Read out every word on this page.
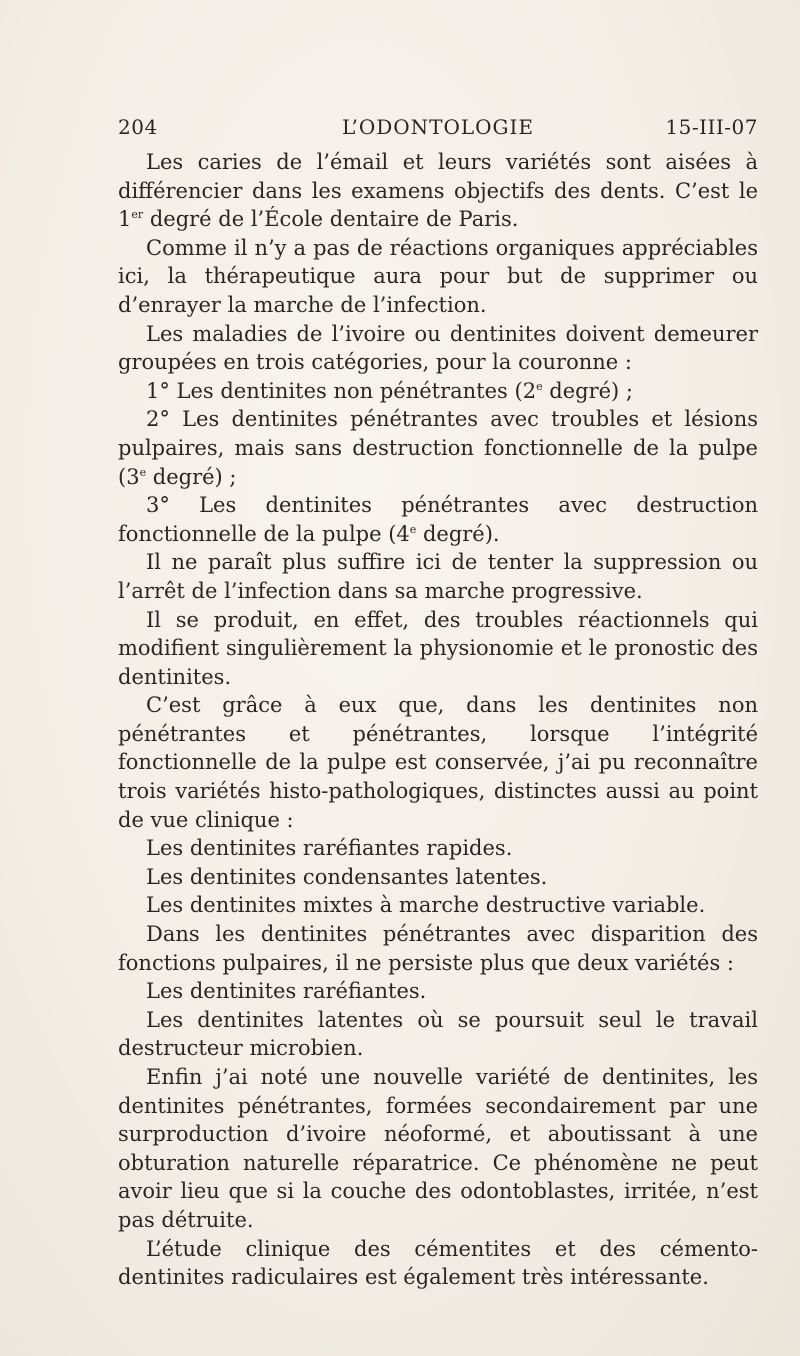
204	L’ODONTOLOGIE	15-III-07

Les caries de l’émail et leurs variétés sont aisées à différencier dans les examens objectifs des dents. C’est le 1er degré de l’École dentaire de Paris.

Comme il n’y a pas de réactions organiques appréciables ici, la thérapeutique aura pour but de supprimer ou d’enrayer la marche de l’infection.

Les maladies de l’ivoire ou dentinites doivent demeurer groupées en trois catégories, pour la couronne :

1° Les dentinites non pénétrantes (2e degré) ;

2° Les dentinites pénétrantes avec troubles et lésions pulpaires, mais sans destruction fonctionnelle de la pulpe (3e degré) ;

3° Les dentinites pénétrantes avec destruction fonctionnelle de la pulpe (4e degré).

Il ne paraît plus suffire ici de tenter la suppression ou l’arrêt de l’infection dans sa marche progressive.

Il se produit, en effet, des troubles réactionnels qui modifient singulièrement la physionomie et le pronostic des dentinites.

C’est grâce à eux que, dans les dentinites non pénétrantes et pénétrantes, lorsque l’intégrité fonctionnelle de la pulpe est conservée, j’ai pu reconnaître trois variétés histo-pathologiques, distinctes aussi au point de vue clinique :

Les dentinites raréfiantes rapides.

Les dentinites condensantes latentes.

Les dentinites mixtes à marche destructive variable.

Dans les dentinites pénétrantes avec disparition des fonctions pulpaires, il ne persiste plus que deux variétés :

Les dentinites raréfiantes.

Les dentinites latentes où se poursuit seul le travail destructeur microbien.

Enfin j’ai noté une nouvelle variété de dentinites, les dentinites pénétrantes, formées secondairement par une surproduction d’ivoire néoformé, et aboutissant à une obturation naturelle réparatrice. Ce phénomène ne peut avoir lieu que si la couche des odontoblastes, irritée, n’est pas détruite.

L’étude clinique des cémentites et des cémento-dentinites radiculaires est également très intéressante.
